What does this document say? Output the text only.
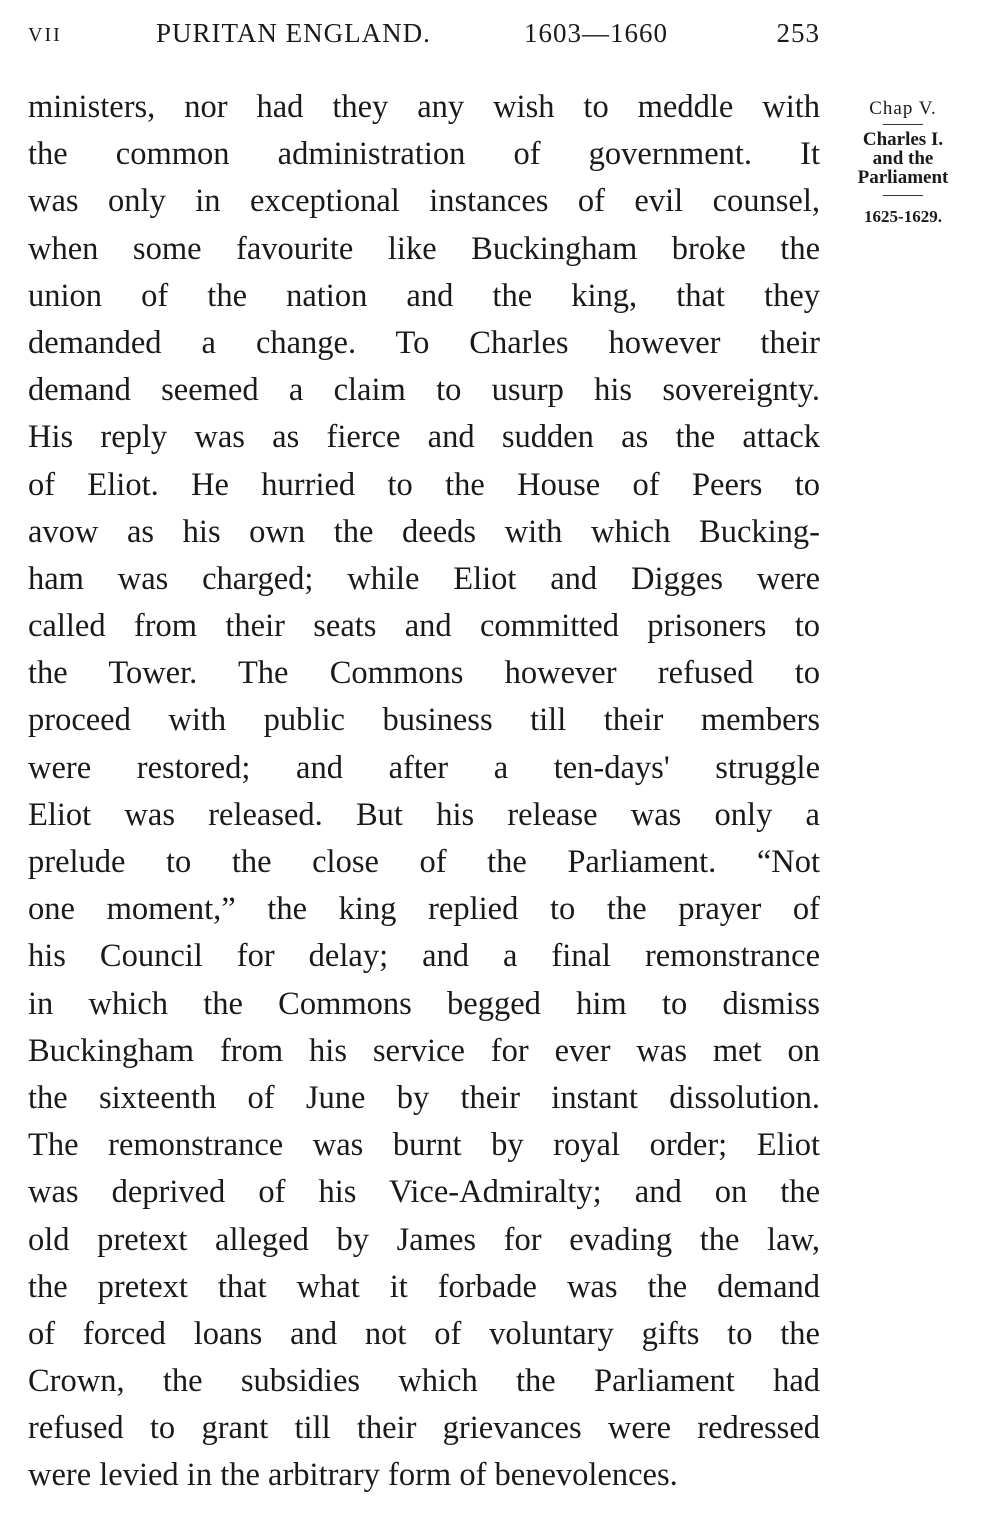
VII	PURITAN ENGLAND.	1603—1660	253
ministers, nor had they any wish to meddle with
the common administration of government. It
was only in exceptional instances of evil counsel,
when some favourite like Buckingham broke the
union of the nation and the king, that they
demanded a change. To Charles however their
demand seemed a claim to usurp his sovereignty.
His reply was as fierce and sudden as the attack
of Eliot. He hurried to the House of Peers to
avow as his own the deeds with which Bucking-
ham was charged; while Eliot and Digges were
called from their seats and committed prisoners to
the Tower. The Commons however refused to
proceed with public business till their members
were restored; and after a ten-days' struggle
Eliot was released. But his release was only a
prelude to the close of the Parliament. “Not
one moment,” the king replied to the prayer of
his Council for delay; and a final remonstrance
in which the Commons begged him to dismiss
Buckingham from his service for ever was met on
the sixteenth of June by their instant dissolution.
The remonstrance was burnt by royal order; Eliot
was deprived of his Vice-Admiralty; and on the
old pretext alleged by James for evading the law,
the pretext that what it forbade was the demand
of forced loans and not of voluntary gifts to the
Crown, the subsidies which the Parliament had
refused to grant till their grievances were redressed
were levied in the arbitrary form of benevolences.
Chap V.
Charles I.
and the
Parliament
1625-1629.
